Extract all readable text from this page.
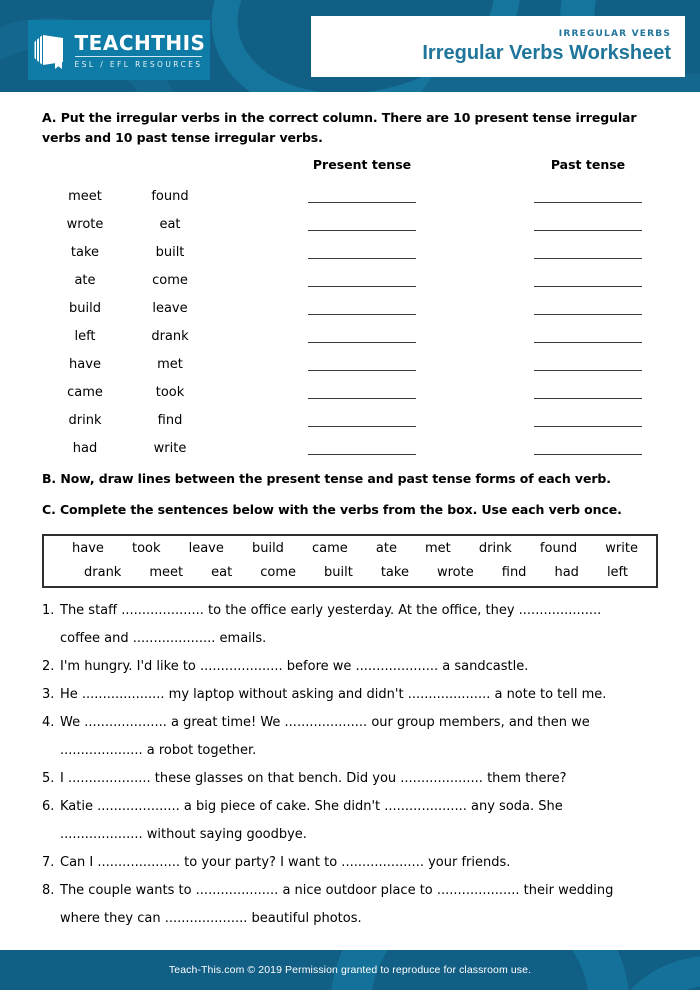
TEACHTHIS
ESL / EFL RESOURCES
IRREGULAR VERBS
Irregular Verbs Worksheet
A. Put the irregular verbs in the correct column. There are 10 present tense irregular verbs and 10 past tense irregular verbs.
Present tense	Past tense
meet	found
wrote	eat
take	built
ate	come
build	leave
left	drank
have	met
came	took
drink	find
had	write
B. Now, draw lines between the present tense and past tense forms of each verb.
C. Complete the sentences below with the verbs from the box. Use each verb once.
have took leave build came ate met drink found write
drank meet eat come built take wrote find had left
1. The staff .................... to the office early yesterday. At the office, they ....................
coffee and .................... emails.
2. I'm hungry. I'd like to .................... before we .................... a sandcastle.
3. He .................... my laptop without asking and didn't .................... a note to tell me.
4. We .................... a great time! We .................... our group members, and then we
.................... a robot together.
5. I .................... these glasses on that bench. Did you .................... them there?
6. Katie .................... a big piece of cake. She didn't .................... any soda. She
.................... without saying goodbye.
7. Can I .................... to your party? I want to .................... your friends.
8. The couple wants to .................... a nice outdoor place to .................... their wedding
where they can .................... beautiful photos.
Teach-This.com © 2019 Permission granted to reproduce for classroom use.
